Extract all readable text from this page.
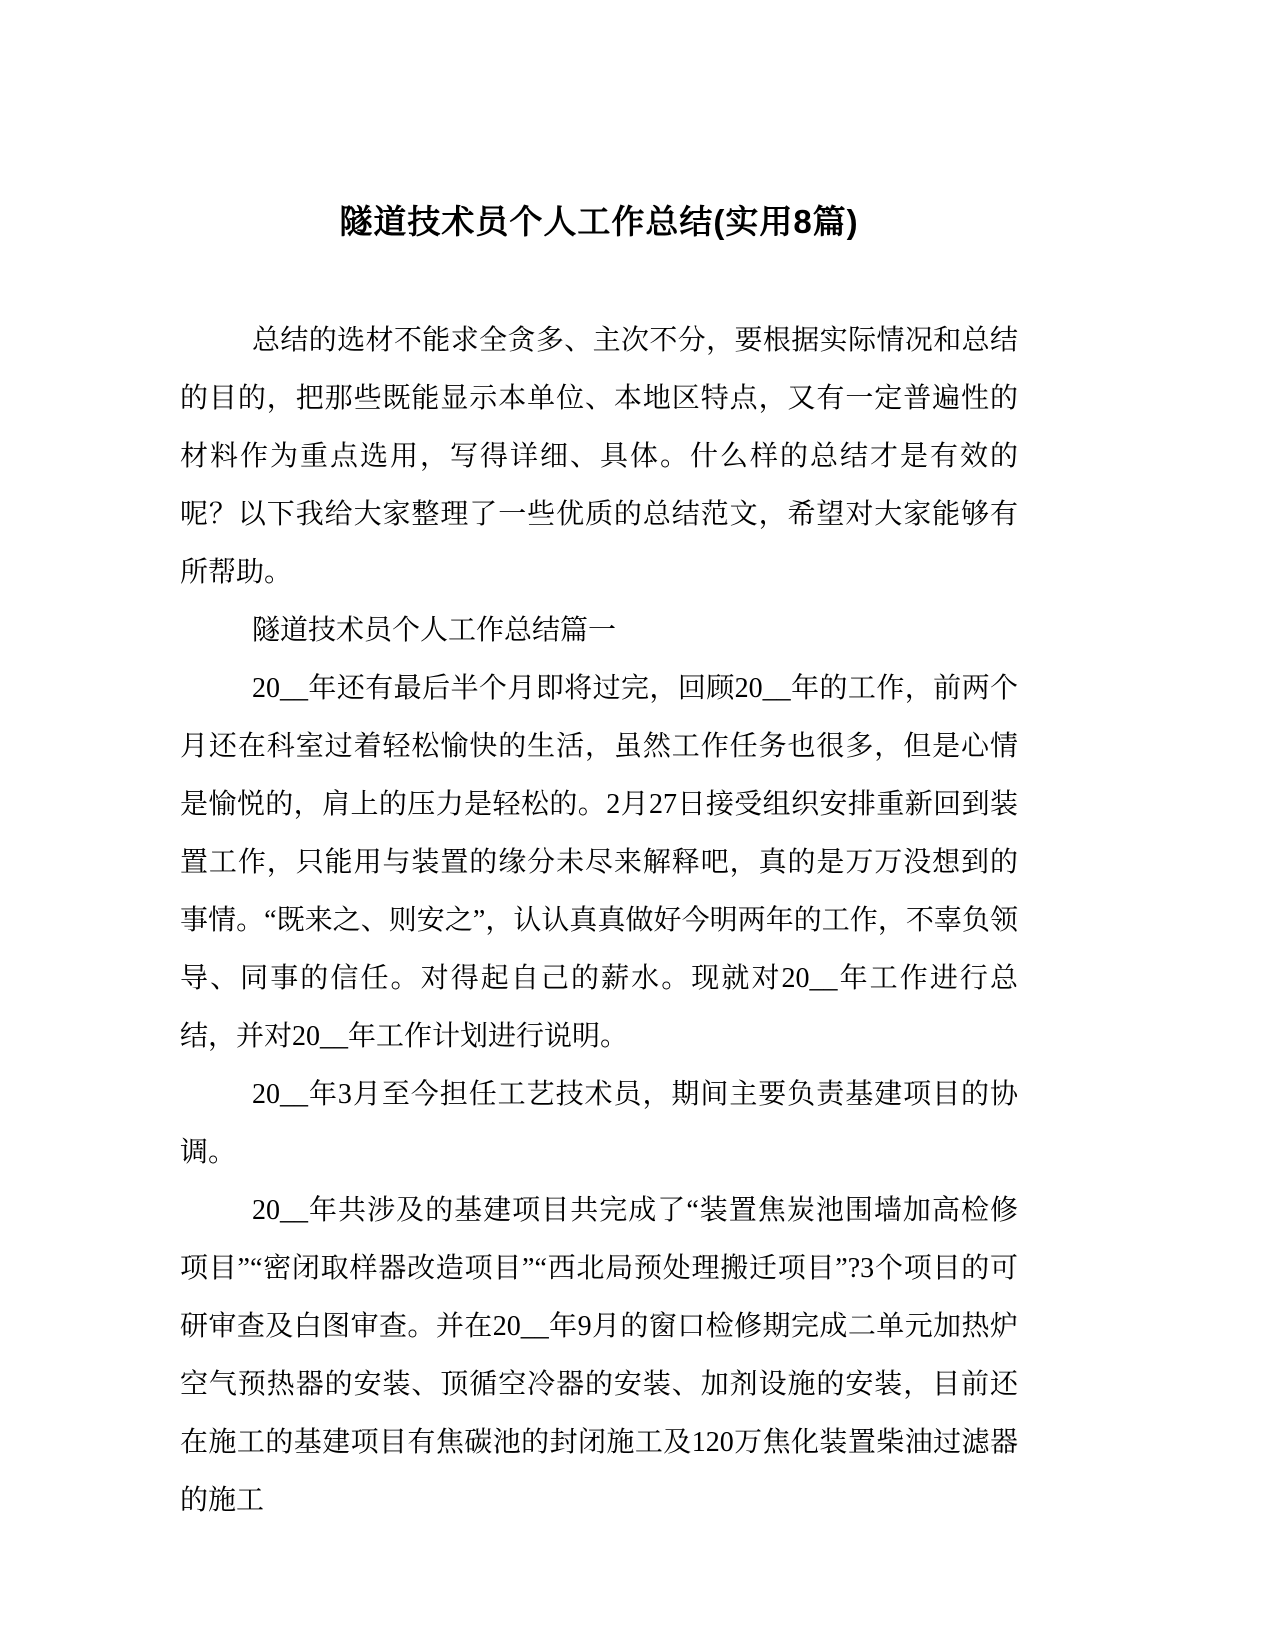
隧道技术员个人工作总结(实用8篇)

总结的选材不能求全贪多、主次不分，要根据实际情况和总结的目的，把那些既能显示本单位、本地区特点，又有一定普遍性的材料作为重点选用，写得详细、具体。什么样的总结才是有效的呢？以下我给大家整理了一些优质的总结范文，希望对大家能够有所帮助。

隧道技术员个人工作总结篇一

20__年还有最后半个月即将过完，回顾20__年的工作，前两个月还在科室过着轻松愉快的生活，虽然工作任务也很多，但是心情是愉悦的，肩上的压力是轻松的。2月27日接受组织安排重新回到装置工作，只能用与装置的缘分未尽来解释吧，真的是万万没想到的事情。“既来之、则安之”，认认真真做好今明两年的工作，不辜负领导、同事的信任。对得起自己的薪水。现就对20__年工作进行总结，并对20__年工作计划进行说明。

20__年3月至今担任工艺技术员，期间主要负责基建项目的协调。

20__年共涉及的基建项目共完成了“装置焦炭池围墙加高检修项目”“密闭取样器改造项目”“西北局预处理搬迁项目”?3个项目的可研审查及白图审查。并在20__年9月的窗口检修期完成二单元加热炉空气预热器的安装、顶循空冷器的安装、加剂设施的安装，目前还在施工的基建项目有焦碳池的封闭施工及120万焦化装置柴油过滤器的施工
